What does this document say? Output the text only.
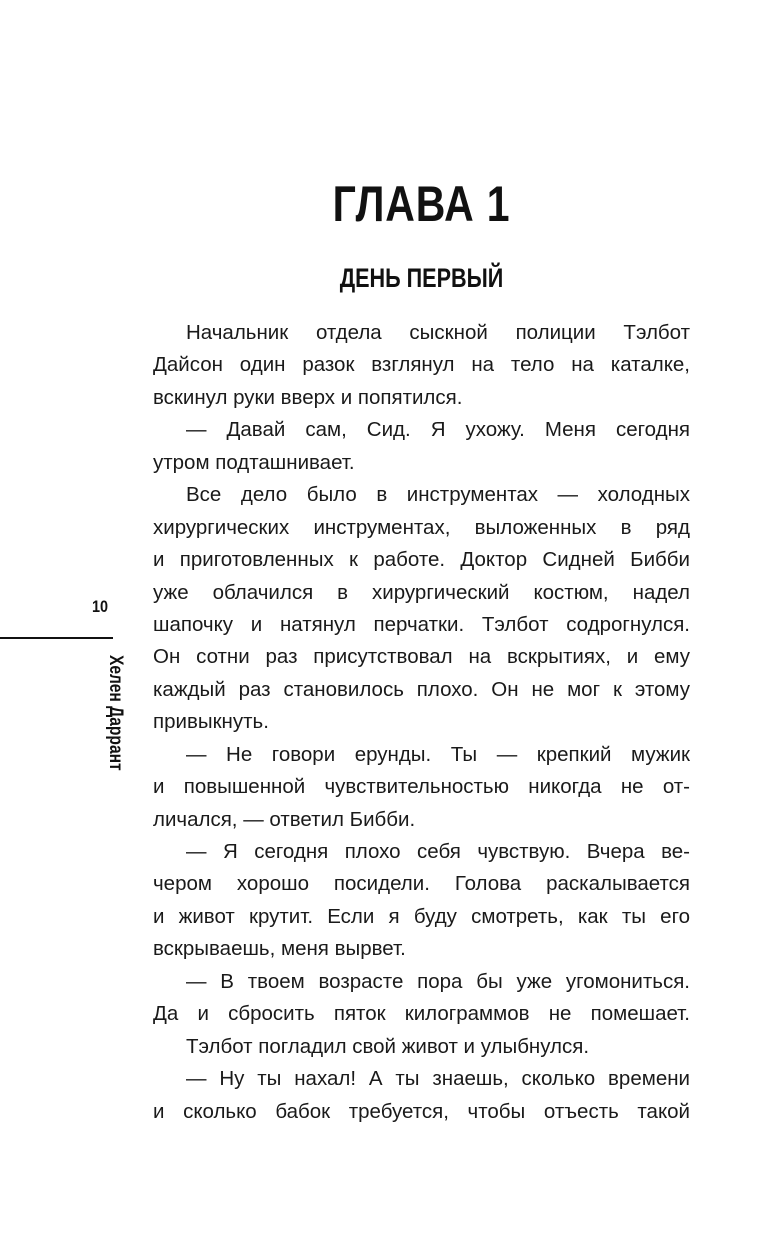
ГЛАВА 1
ДЕНЬ ПЕРВЫЙ
Начальник отдела сыскной полиции Тэлбот
Дайсон один разок взглянул на тело на каталке,
вскинул руки вверх и попятился.
— Давай сам, Сид. Я ухожу. Меня сегодня
утром подташнивает.
Все дело было в инструментах — холодных
хирургических инструментах, выложенных в ряд
и приготовленных к работе. Доктор Сидней Бибби
уже облачился в хирургический костюм, надел
шапочку и натянул перчатки. Тэлбот содрогнулся.
Он сотни раз присутствовал на вскрытиях, и ему
каждый раз становилось плохо. Он не мог к этому
привыкнуть.
— Не говори ерунды. Ты — крепкий мужик
и повышенной чувствительностью никогда не от-
личался, — ответил Бибби.
— Я сегодня плохо себя чувствую. Вчера ве-
чером хорошо посидели. Голова раскалывается
и живот крутит. Если я буду смотреть, как ты его
вскрываешь, меня вырвет.
— В твоем возрасте пора бы уже угомониться.
Да и сбросить пяток килограммов не помешает.
Тэлбот погладил свой живот и улыбнулся.
— Ну ты нахал! А ты знаешь, сколько времени
и сколько бабок требуется, чтобы отъесть такой
10
Хелен Даррант
